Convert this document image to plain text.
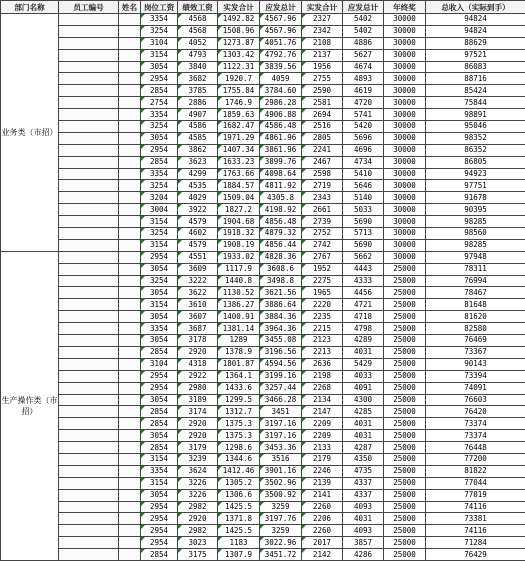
部门名称	员工编号	姓名	岗位工资	绩效工资	实发合计	应发总计	实发合计	应发总计	年终奖	总收入（实际到手）
业务类（市招）			3354	4568	1492.82	4567.96	2327	5402	30000	94824
			3254	4568	1508.96	4567.96	2342	5402	30000	94824
			3104	4052	1273.87	4051.76	2108	4886	30000	88629
			3154	4793	1303.42	4792.76	2137	5627	30000	97521
			3054	3840	1122.31	3839.56	1956	4674	30000	86083
			2954	3682	1920.7	4059	2755	4893	30000	88716
			2854	3785	1755.84	3784.60	2590	4619	30000	85424
			2754	2886	1746.9	2986.28	2581	4720	30000	75844
			3354	4907	1859.63	4906.88	2694	5741	30000	98891
			3254	4586	1682.47	4586.48	2516	5420	30000	95046
			3054	4585	1971.29	4861.96	2805	5696	30000	98352
			2954	3862	1407.34	3861.96	2241	4696	30000	86352
			2854	3623	1633.23	3899.76	2467	4734	30000	86805
			3354	4299	1763.66	4098.64	2598	5410	30000	94923
			3254	4535	1884.57	4811.92	2719	5646	30000	97751
			3204	4029	1509.04	4305.8	2343	5140	30000	91678
			3004	3922	1827.2	4198.92	2661	5033	30000	90395
			3154	4579	1904.68	4856.48	2739	5690	30000	98285
			3254	4602	1918.32	4879.32	2752	5713	30000	98560
			3154	4579	1908.19	4856.44	2742	5690	30000	98285
生产操作类（市招）			2954	4551	1933.02	4828.36	2767	5662	30000	97948
			3054	3609	1117.9	3608.6	1952	4443	25000	78311
			3254	3222	1440.8	3498.8	2275	4333	25000	76994
			3054	3622	1130.52	3621.56	1965	4456	25000	78467
			3154	3610	1386.27	3886.64	2220	4721	25000	81648
			3054	3607	1400.91	3884.36	2235	4718	25000	81620
			3354	3687	1381.14	3964.36	2215	4798	25000	82580
			3054	3178	1289	3455.08	2123	4289	25000	76469
			2854	2920	1378.9	3196.56	2213	4031	25000	73367
			3104	4318	1801.87	4594.56	2636	5429	25000	90143
			2954	2922	1364.1	3199.16	2198	4033	25000	73394
			2954	2980	1433.6	3257.44	2268	4091	25000	74091
			3054	3189	1299.5	3466.28	2134	4300	25000	76603
			2854	3174	1312.7	3451	2147	4285	25000	76420
			2854	2920	1375.3	3197.16	2209	4031	25000	73374
			3054	2920	1375.3	3197.16	2209	4031	25000	73374
			2854	3179	1298.6	3453.36	2133	4287	25000	76448
			3154	3239	1344.6	3516	2179	4350	25000	77200
			3354	3624	1412.46	3901.16	2246	4735	25000	81822
			3154	3226	1305.2	3502.96	2139	4337	25000	77044
			3054	3226	1306.6	3500.92	2141	4337	25000	77019
			2954	2982	1425.5	3259	2260	4093	25000	74116
			2954	2920	1371.8	3197.76	2206	4031	25000	73381
			2954	2982	1425.5	3259	2260	4093	25000	74116
			2954	3023	1183	3022.96	2017	3857	25000	71284
			2854	3175	1307.9	3451.72	2142	4286	25000	76429
